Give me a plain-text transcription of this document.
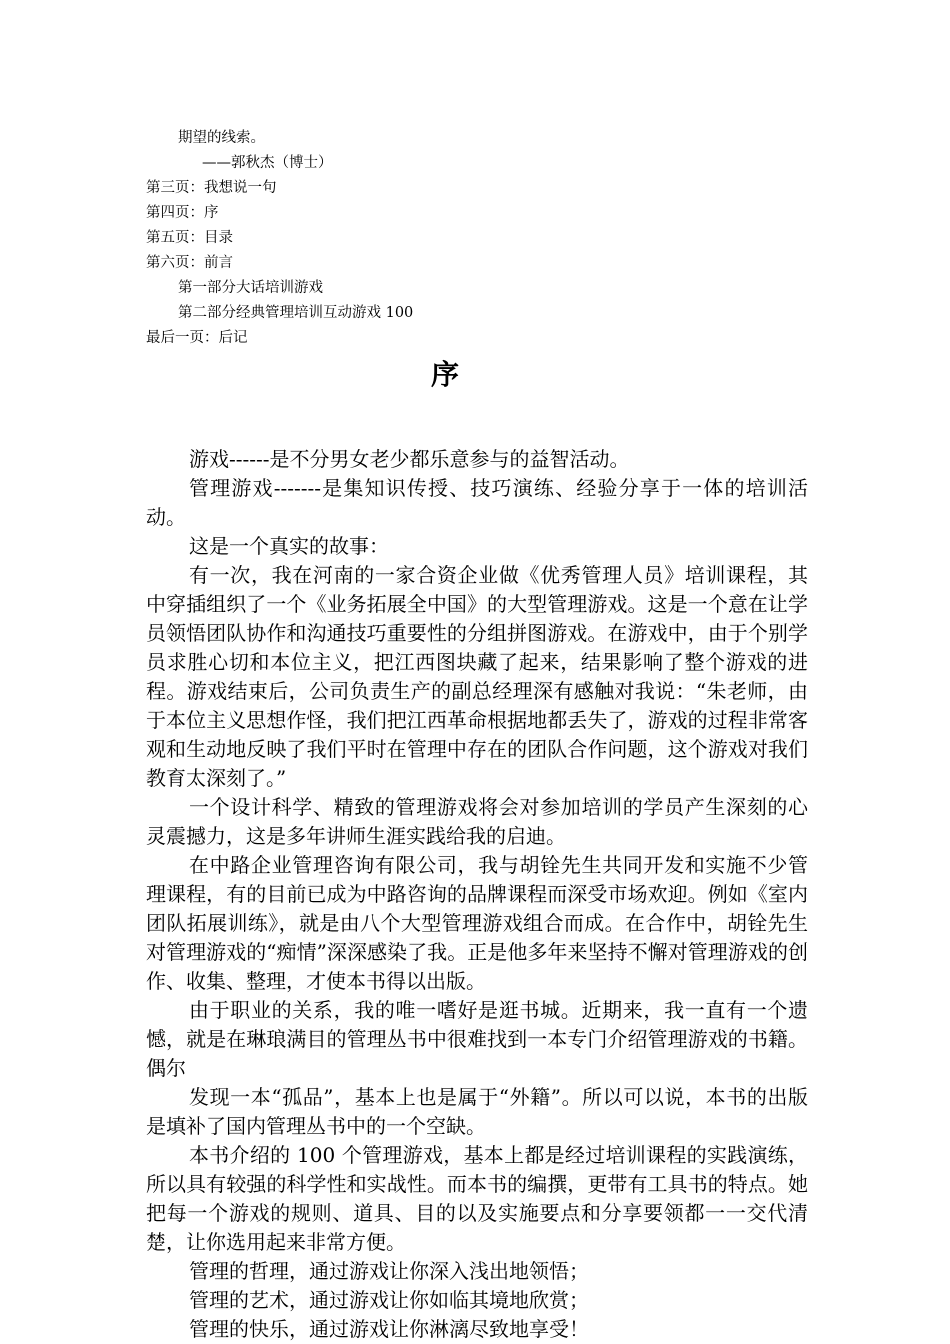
期望的线索。
——郭秋杰（博士）
第三页：我想说一句
第四页：序
第五页：目录
第六页：前言
第一部分大话培训游戏
第二部分经典管理培训互动游戏 100
最后一页：后记
序

游戏------是不分男女老少都乐意参与的益智活动。

管理游戏-------是集知识传授、技巧演练、经验分享于一体的培训活动。

这是一个真实的故事：

有一次，我在河南的一家合资企业做《优秀管理人员》培训课程，其中穿插组织了一个《业务拓展全中国》的大型管理游戏。这是一个意在让学员领悟团队协作和沟通技巧重要性的分组拼图游戏。在游戏中，由于个别学员求胜心切和本位主义，把江西图块藏了起来，结果影响了整个游戏的进程。游戏结束后，公司负责生产的副总经理深有感触对我说：“朱老师，由于本位主义思想作怪，我们把江西革命根据地都丢失了，游戏的过程非常客观和生动地反映了我们平时在管理中存在的团队合作问题，这个游戏对我们教育太深刻了。”

一个设计科学、精致的管理游戏将会对参加培训的学员产生深刻的心灵震撼力，这是多年讲师生涯实践给我的启迪。

在中路企业管理咨询有限公司，我与胡铨先生共同开发和实施不少管理课程，有的目前已成为中路咨询的品牌课程而深受市场欢迎。例如《室内团队拓展训练》，就是由八个大型管理游戏组合而成。在合作中，胡铨先生对管理游戏的“痴情”深深感染了我。正是他多年来坚持不懈对管理游戏的创作、收集、整理，才使本书得以出版。

由于职业的关系，我的唯一嗜好是逛书城。近期来，我一直有一个遗憾，就是在琳琅满目的管理丛书中很难找到一本专门介绍管理游戏的书籍。偶尔

发现一本“孤品”，基本上也是属于“外籍”。所以可以说，本书的出版是填补了国内管理丛书中的一个空缺。

本书介绍的 100 个管理游戏，基本上都是经过培训课程的实践演练，所以具有较强的科学性和实战性。而本书的编撰，更带有工具书的特点。她把每一个游戏的规则、道具、目的以及实施要点和分享要领都一一交代清楚，让你选用起来非常方便。

管理的哲理，通过游戏让你深入浅出地领悟；

管理的艺术，通过游戏让你如临其境地欣赏；

管理的快乐，通过游戏让你淋漓尽致地享受！
